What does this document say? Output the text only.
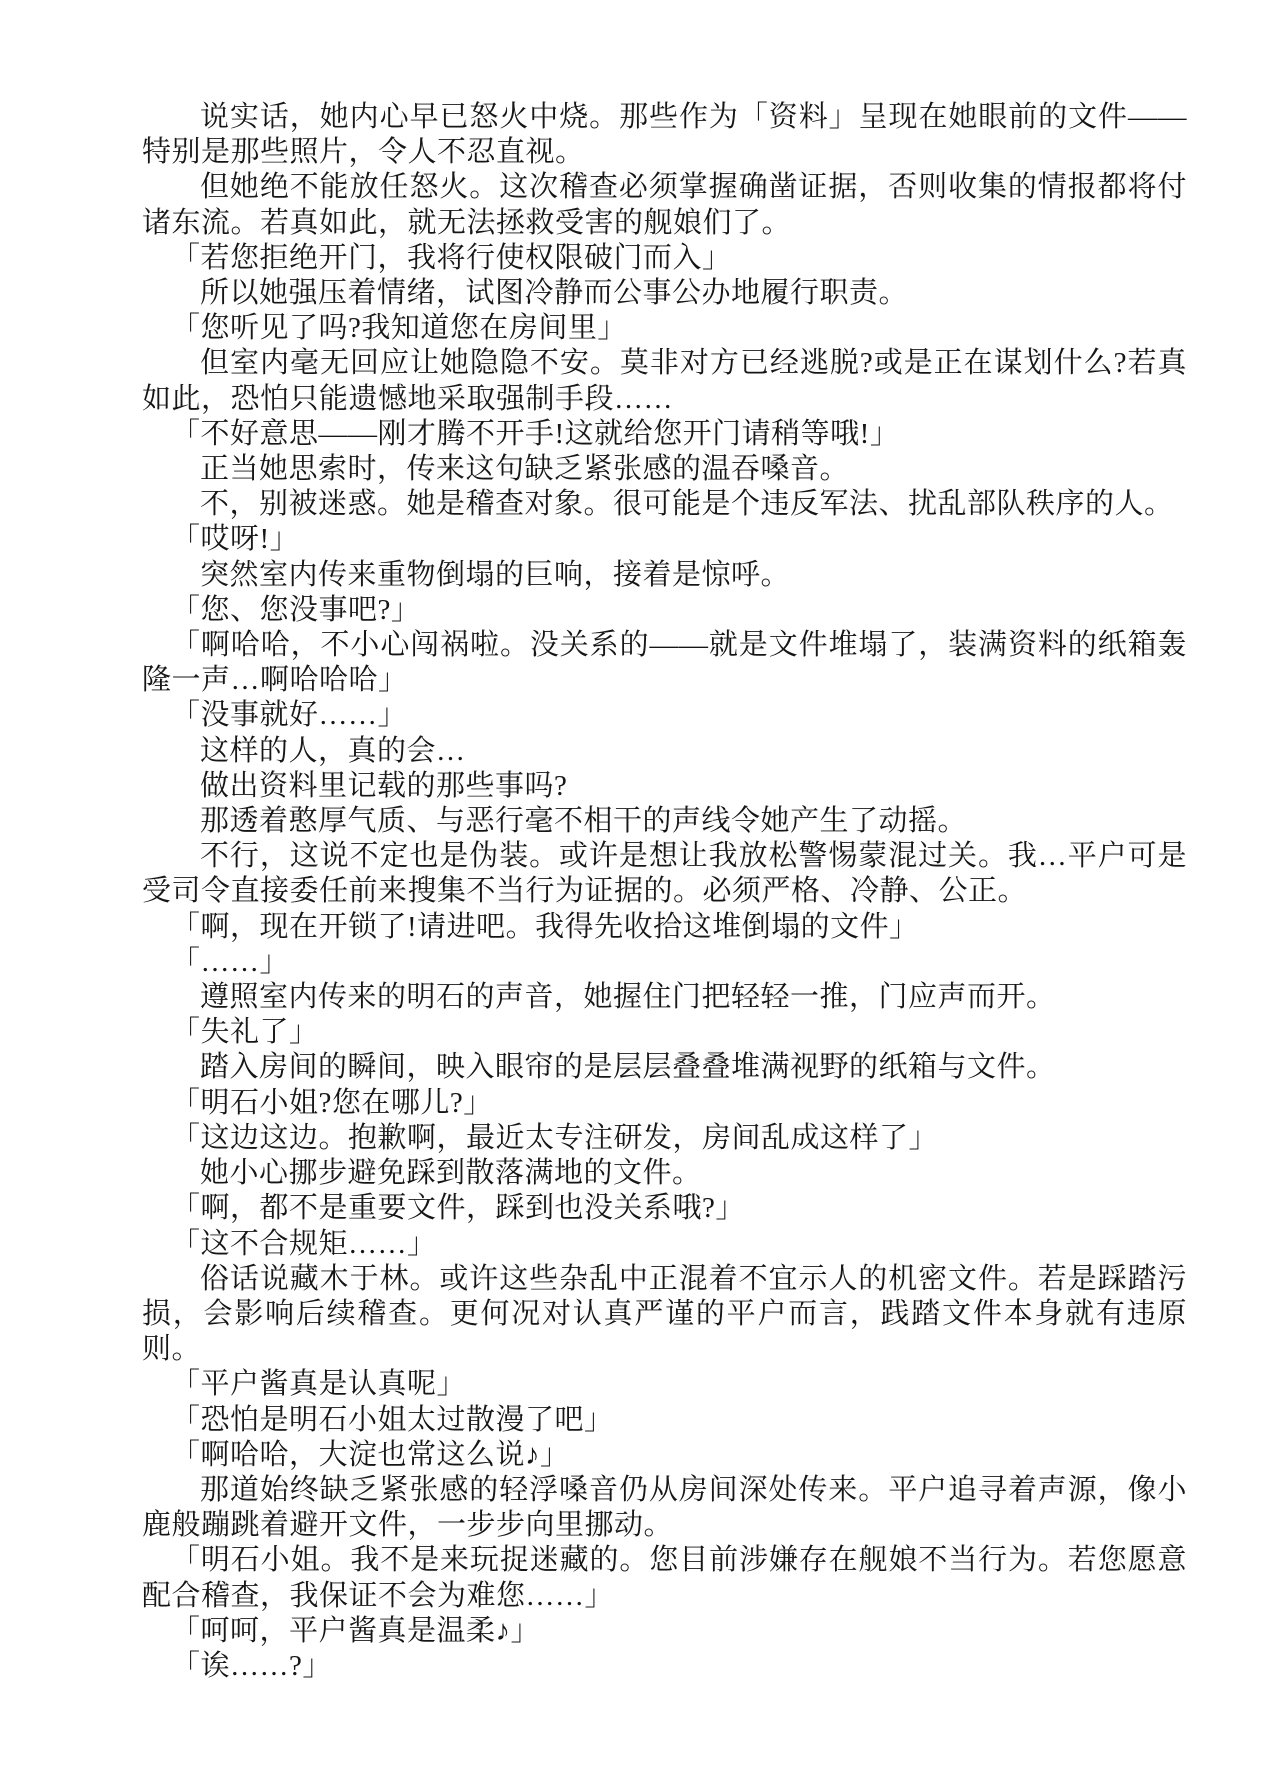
说实话，她内心早已怒火中烧。那些作为「资料」呈现在她眼前的文件——特别是那些照片，令人不忍直视。

但她绝不能放任怒火。这次稽查必须掌握确凿证据，否则收集的情报都将付诸东流。若真如此，就无法拯救受害的舰娘们了。

「若您拒绝开门，我将行使权限破门而入」

所以她强压着情绪，试图冷静而公事公办地履行职责。

「您听见了吗?我知道您在房间里」

但室内毫无回应让她隐隐不安。莫非对方已经逃脱?或是正在谋划什么?若真如此，恐怕只能遗憾地采取强制手段……

「不好意思——刚才腾不开手!这就给您开门请稍等哦!」

正当她思索时，传来这句缺乏紧张感的温吞嗓音。

不，别被迷惑。她是稽查对象。很可能是个违反军法、扰乱部队秩序的人。

「哎呀!」

突然室内传来重物倒塌的巨响，接着是惊呼。

「您、您没事吧?」

「啊哈哈，不小心闯祸啦。没关系的——就是文件堆塌了，装满资料的纸箱轰隆一声…啊哈哈哈」

「没事就好……」

这样的人，真的会…

做出资料里记载的那些事吗?

那透着憨厚气质、与恶行毫不相干的声线令她产生了动摇。

不行，这说不定也是伪装。或许是想让我放松警惕蒙混过关。我…平户可是受司令直接委任前来搜集不当行为证据的。必须严格、冷静、公正。

「啊，现在开锁了!请进吧。我得先收拾这堆倒塌的文件」

「……」

遵照室内传来的明石的声音，她握住门把轻轻一推，门应声而开。

「失礼了」

踏入房间的瞬间，映入眼帘的是层层叠叠堆满视野的纸箱与文件。

「明石小姐?您在哪儿?」

「这边这边。抱歉啊，最近太专注研发，房间乱成这样了」

她小心挪步避免踩到散落满地的文件。

「啊，都不是重要文件，踩到也没关系哦?」

「这不合规矩……」

俗话说藏木于林。或许这些杂乱中正混着不宜示人的机密文件。若是踩踏污损，会影响后续稽查。更何况对认真严谨的平户而言，践踏文件本身就有违原则。

「平户酱真是认真呢」

「恐怕是明石小姐太过散漫了吧」

「啊哈哈，大淀也常这么说♪」

那道始终缺乏紧张感的轻浮嗓音仍从房间深处传来。平户追寻着声源，像小鹿般蹦跳着避开文件，一步步向里挪动。

「明石小姐。我不是来玩捉迷藏的。您目前涉嫌存在舰娘不当行为。若您愿意配合稽查，我保证不会为难您……」

「呵呵，平户酱真是温柔♪」

「诶……?」
